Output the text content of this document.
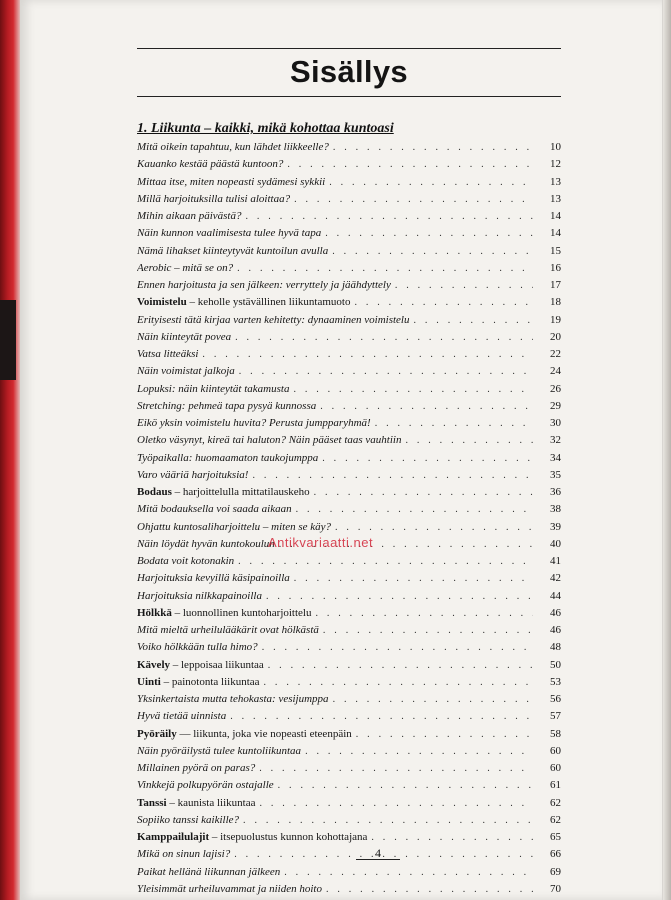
Sisällys
1. Liikunta – kaikki, mikä kohottaa kuntoasi
Mitä oikein tapahtuu, kun lähdet liikkeelle? . . .	10
Kauanko kestää päästä kuntoon? . . .	12
Mittaa itse, miten nopeasti sydämesi sykkii . . .	13
Millä harjoituksilla tulisi aloittaa? . . .	13
Mihin aikaan päivästä? . . .	14
Näin kunnon vaalimisesta tulee hyvä tapa . . .	14
Nämä lihakset kiinteytyvät kuntoilun avulla . . .	15
Aerobic – mitä se on? . . .	16
Ennen harjoitusta ja sen jälkeen: verryttely ja jäähdyttely . . .	17
Voimistelu – keholle ystävällinen liikuntamuoto . . .	18
Erityisesti tätä kirjaa varten kehitetty: dynaaminen voimistelu . . .	19
Näin kiinteytät povea . . .	20
Vatsa litteäksi . . .	22
Näin voimistat jalkoja . . .	24
Lopuksi: näin kiinteytät takamusta . . .	26
Stretching: pehmeä tapa pysyä kunnossa . . .	29
Eikö yksin voimistelu huvita? Perusta jumpparyhmä! . . .	30
Oletko väsynyt, kireä tai haluton? Näin pääset taas vauhtiin . . .	32
Työpaikalla: huomaamaton taukojumppa . . .	34
Varo vääriä harjoituksia! . . .	35
Bodaus – harjoittelulla mittatilauskeho . . .	36
Mitä bodauksella voi saada aikaan . . .	38
Ohjattu kuntosaliharjoittelu – miten se käy? . . .	39
Näin löydät hyvän kuntokoulun . . .	40
Bodata voit kotonakin . . .	41
Harjoituksia kevyillä käsipainoilla . . .	42
Harjoituksia nilkkapainoilla . . .	44
Hölkkä – luonnollinen kuntoharjoittelu . . .	46
Mitä mieltä urheilulääkärit ovat hölkästä . . .	46
Voiko hölkkään tulla himo? . . .	48
Kävely – leppoisaa liikuntaa . . .	50
Uinti – painotonta liikuntaa . . .	53
Yksinkertaista mutta tehokasta: vesijumppa . . .	56
Hyvä tietää uinnista . . .	57
Pyöräily — liikunta, joka vie nopeasti eteenpäin . . .	58
Näin pyöräilystä tulee kuntoliikuntaa . . .	60
Millainen pyörä on paras? . . .	60
Vinkkejä polkupyörän ostajalle . . .	61
Tanssi – kaunista liikuntaa . . .	62
Sopiiko tanssi kaikille? . . .	62
Kamppailulajit – itsepuolustus kunnon kohottajana . . .	65
Mikä on sinun lajisi? . . .	66
Paikat hellänä liikunnan jälkeen . . .	69
Yleisimmät urheiluvammat ja niiden hoito . . .	70
Antikvariaatti.net
4
